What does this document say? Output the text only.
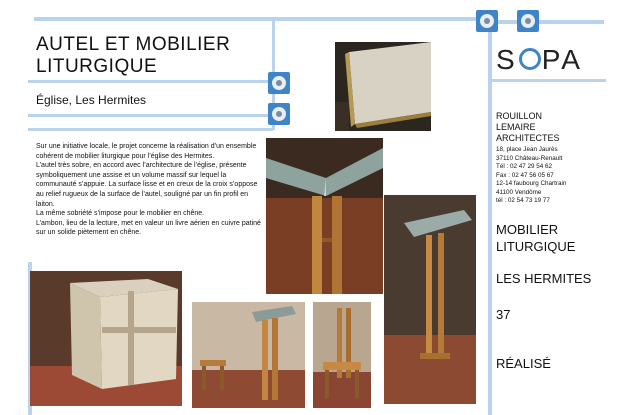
AUTEL ET MOBILIER
LITURGIQUE
Église, Les Hermites

Sur une initiative locale, le projet concerne la réalisation d’un ensemble cohérent de mobilier liturgique pour l’église des Hermites.

L’autel très sobre, en accord avec l’architecture de l’église, présente symboliquement une assise et un volume massif sur lequel la communauté s’appuie. La surface lisse et en creux de la croix s’oppose au relief rugueux de la surface de l’autel, souligné par un fin profil en laiton.

La même sobriété s’impose pour le mobilier en chêne.

L’ambon, lieu de la lecture, met en valeur un livre aérien en cuivre patiné sur un solide piètement en chêne.

S PA
ROUILLON
LEMAIRE
ARCHITECTES
18, place Jean Jaurès
37110 Château-Renault
Tél : 02 47 29 54 62
Fax : 02 47 56 05 67
12-14 faubourg Chartrain
41100 Vendôme
tél : 02 54 73 19 77
MOBILIER
LITURGIQUE
LES HERMITES
37
RÉALISÉ
